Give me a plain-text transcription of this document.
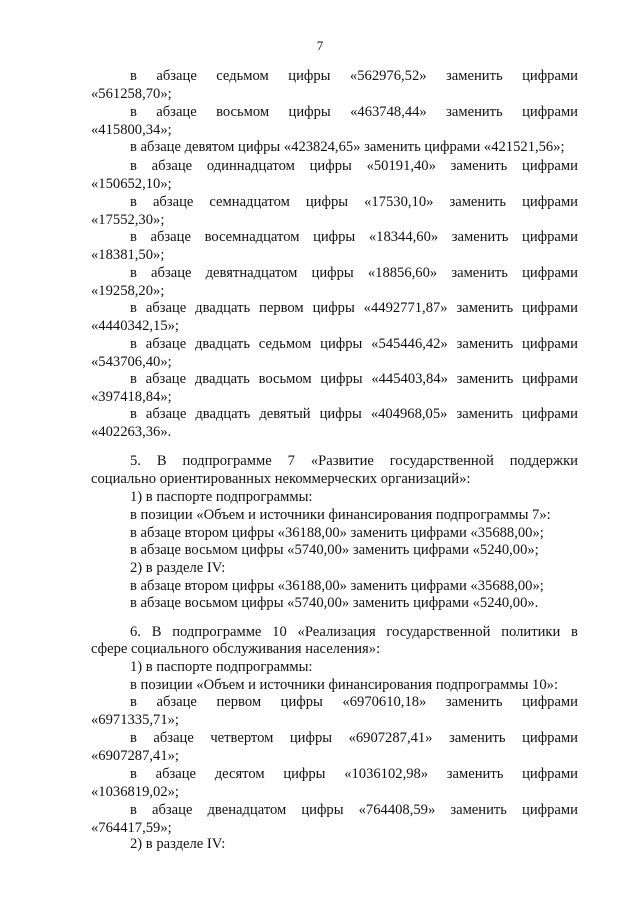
7
в абзаце седьмом цифры «562976,52» заменить цифрами
«561258,70»;
в абзаце восьмом цифры «463748,44» заменить цифрами
«415800,34»;
в абзаце девятом цифры «423824,65» заменить цифрами «421521,56»;
в абзаце одиннадцатом цифры «50191,40» заменить цифрами
«150652,10»;
в абзаце семнадцатом цифры «17530,10» заменить цифрами
«17552,30»;
в абзаце восемнадцатом цифры «18344,60» заменить цифрами
«18381,50»;
в абзаце девятнадцатом цифры «18856,60» заменить цифрами
«19258,20»;
в абзаце двадцать первом цифры «4492771,87» заменить цифрами
«4440342,15»;
в абзаце двадцать седьмом цифры «545446,42» заменить цифрами
«543706,40»;
в абзаце двадцать восьмом цифры «445403,84» заменить цифрами
«397418,84»;
в абзаце двадцать девятый цифры «404968,05» заменить цифрами
«402263,36».
5. В подпрограмме 7 «Развитие государственной поддержки
социально ориентированных некоммерческих организаций»:
1) в паспорте подпрограммы:
в позиции «Объем и источники финансирования подпрограммы 7»:
в абзаце втором цифры «36188,00» заменить цифрами «35688,00»;
в абзаце восьмом цифры «5740,00» заменить цифрами «5240,00»;
2) в разделе IV:
в абзаце втором цифры «36188,00» заменить цифрами «35688,00»;
в абзаце восьмом цифры «5740,00» заменить цифрами «5240,00».
6. В подпрограмме 10 «Реализация государственной политики в
сфере социального обслуживания населения»:
1) в паспорте подпрограммы:
в позиции «Объем и источники финансирования подпрограммы 10»:
в абзаце первом цифры «6970610,18» заменить цифрами
«6971335,71»;
в абзаце четвертом цифры «6907287,41» заменить цифрами
«6907287,41»;
в абзаце десятом цифры «1036102,98» заменить цифрами
«1036819,02»;
в абзаце двенадцатом цифры «764408,59» заменить цифрами
«764417,59»;
2) в разделе IV:
